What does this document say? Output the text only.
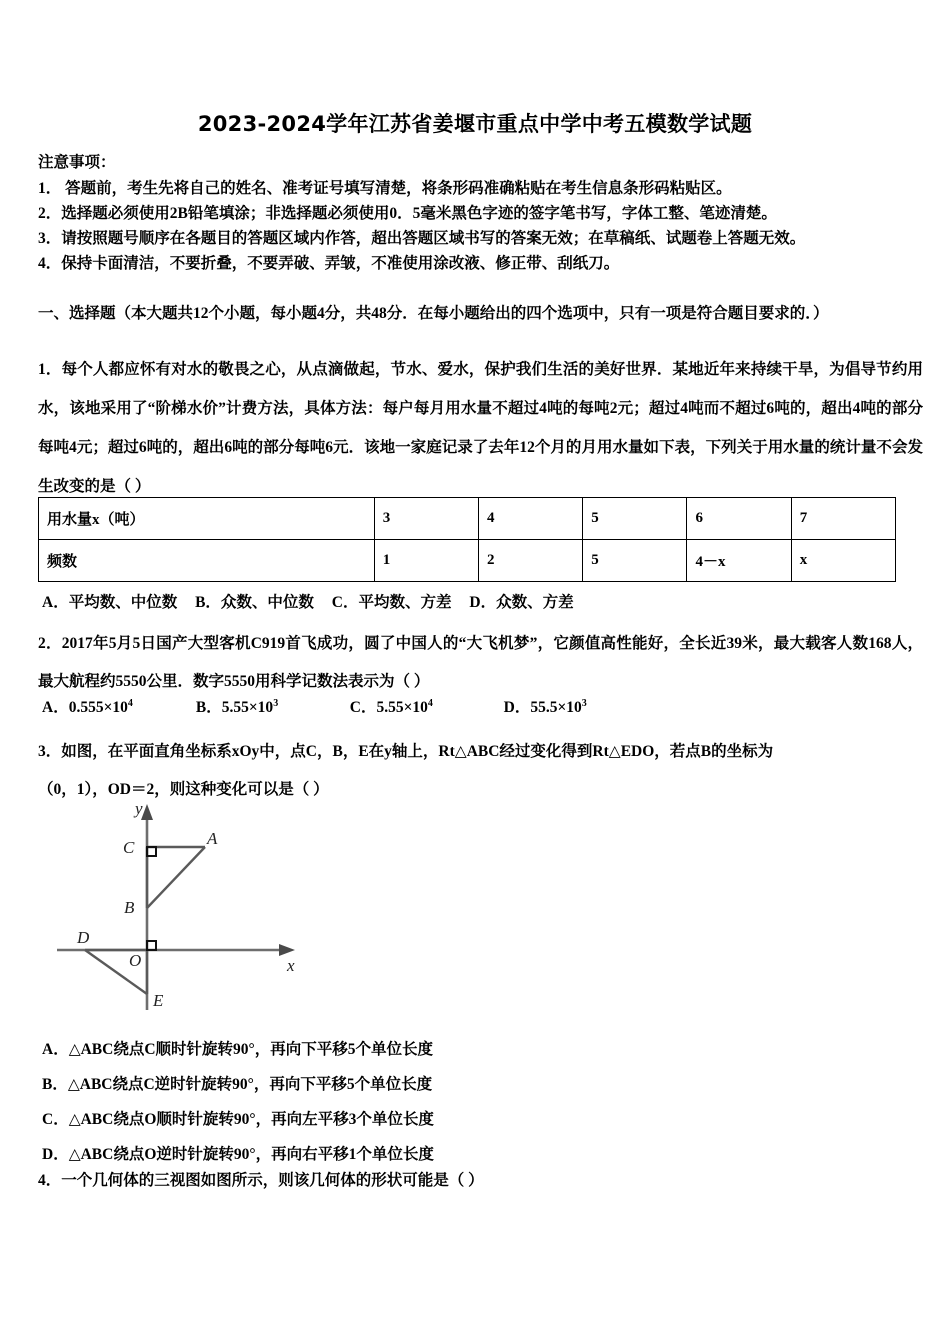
2023-2024学年江苏省姜堰市重点中学中考五模数学试题
注意事项：
1． 答题前，考生先将自己的姓名、准考证号填写清楚，将条形码准确粘贴在考生信息条形码粘贴区。
2．选择题必须使用2B铅笔填涂；非选择题必须使用0．5毫米黑色字迹的签字笔书写，字体工整、笔迹清楚。
3．请按照题号顺序在各题目的答题区域内作答，超出答题区域书写的答案无效；在草稿纸、试题卷上答题无效。
4．保持卡面清洁，不要折叠，不要弄破、弄皱，不准使用涂改液、修正带、刮纸刀。
一、选择题（本大题共12个小题，每小题4分，共48分．在每小题给出的四个选项中，只有一项是符合题目要求的．）
1．每个人都应怀有对水的敬畏之心，从点滴做起，节水、爱水，保护我们生活的美好世界．某地近年来持续干旱，为倡导节约用水，该地采用了“阶梯水价”计费方法，具体方法：每户每月用水量不超过4吨的每吨2元；超过4吨而不超过6吨的，超出4吨的部分每吨4元；超过6吨的，超出6吨的部分每吨6元．该地一家庭记录了去年12个月的月用水量如下表，下列关于用水量的统计量不会发生改变的是（ ）
用水量x（吨）	3	4	5	6	7
频数	1	2	5	4－x	x
A．平均数、中位数 B．众数、中位数 C．平均数、方差 D．众数、方差
2．2017年5月5日国产大型客机C919首飞成功，圆了中国人的“大飞机梦”，它颜值高性能好，全长近39米，最大载客人数168人，最大航程约5550公里．数字5550用科学记数法表示为（ ）
A．$0.555\times 10^4$	B．$5.55\times 10^3$	C．$5.55\times 10^4$	D．$55.5\times 10^3$
3．如图，在平面直角坐标系xOy中，点C，B，E在y轴上，Rt△ABC经过变化得到Rt△EDO，若点B的坐标为
（0，1），OD＝2，则这种变化可以是（ ）
y
x
C	A
B
D
O
E
A．△ABC绕点C顺时针旋转90°，再向下平移5个单位长度
B．△ABC绕点C逆时针旋转90°，再向下平移5个单位长度
C．△ABC绕点O顺时针旋转90°，再向左平移3个单位长度
D．△ABC绕点O逆时针旋转90°，再向右平移1个单位长度
4．一个几何体的三视图如图所示，则该几何体的形状可能是（ ）
